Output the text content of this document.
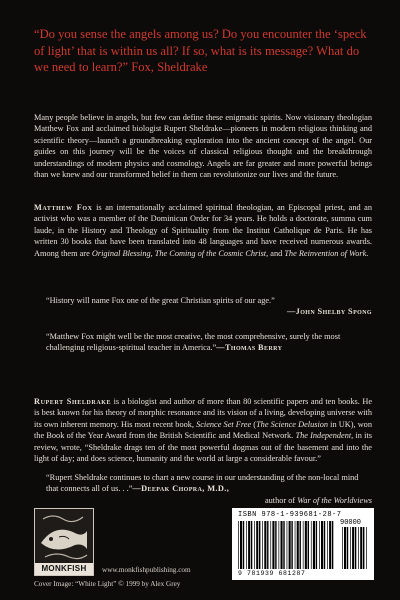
“Do you sense the angels among us? Do you encounter the ‘speck of light’ that is within us all? If so, what is its message? What do we need to learn?” Fox, Sheldrake
Many people believe in angels, but few can define these enigmatic spirits. Now visionary theologian Matthew Fox and acclaimed biologist Rupert Sheldrake—pioneers in modern religious thinking and scientific theory—launch a groundbreaking exploration into the ancient concept of the angel. Our guides on this journey will be the voices of classical religious thought and the breakthrough understandings of modern physics and cosmology. Angels are far greater and more powerful beings than we knew and our transformed belief in them can revolutionize our lives and the future.
Matthew Fox is an internationally acclaimed spiritual theologian, an Episcopal priest, and an activist who was a member of the Dominican Order for 34 years. He holds a doctorate, summa cum laude, in the History and Theology of Spirituality from the Institut Catholique de Paris. He has written 30 books that have been translated into 48 languages and have received numerous awards. Among them are Original Blessing, The Coming of the Cosmic Christ, and The Reinvention of Work.
“History will name Fox one of the great Christian spirits of our age.”

—John Shelby Spong
“Matthew Fox might well be the most creative, the most comprehensive, surely the most challenging religious-spiritual teacher in America.”—Thomas Berry
Rupert Sheldrake is a biologist and author of more than 80 scientific papers and ten books. He is best known for his theory of morphic resonance and its vision of a living, developing universe with its own inherent memory. His most recent book, Science Set Free (The Science Delusion in UK), won the Book of the Year Award from the British Scientific and Medical Network. The Independent, in its review, wrote, “Sheldrake drags ten of the most powerful dogmas out of the basement and into the light of day; and does science, humanity and the world at large a considerable favour.”
“Rupert Sheldrake continues to chart a new course in our understanding of the non-local mind that connects all of us. . .”—Deepak Chopra, M.D.,

author of War of the Worldviews
MONKFISH	www.monkfishpublishing.com
Cover Image: “White Light” © 1999 by Alex Grey
ISBN 978-1-939681-28-7
90000
9 781939 681287
